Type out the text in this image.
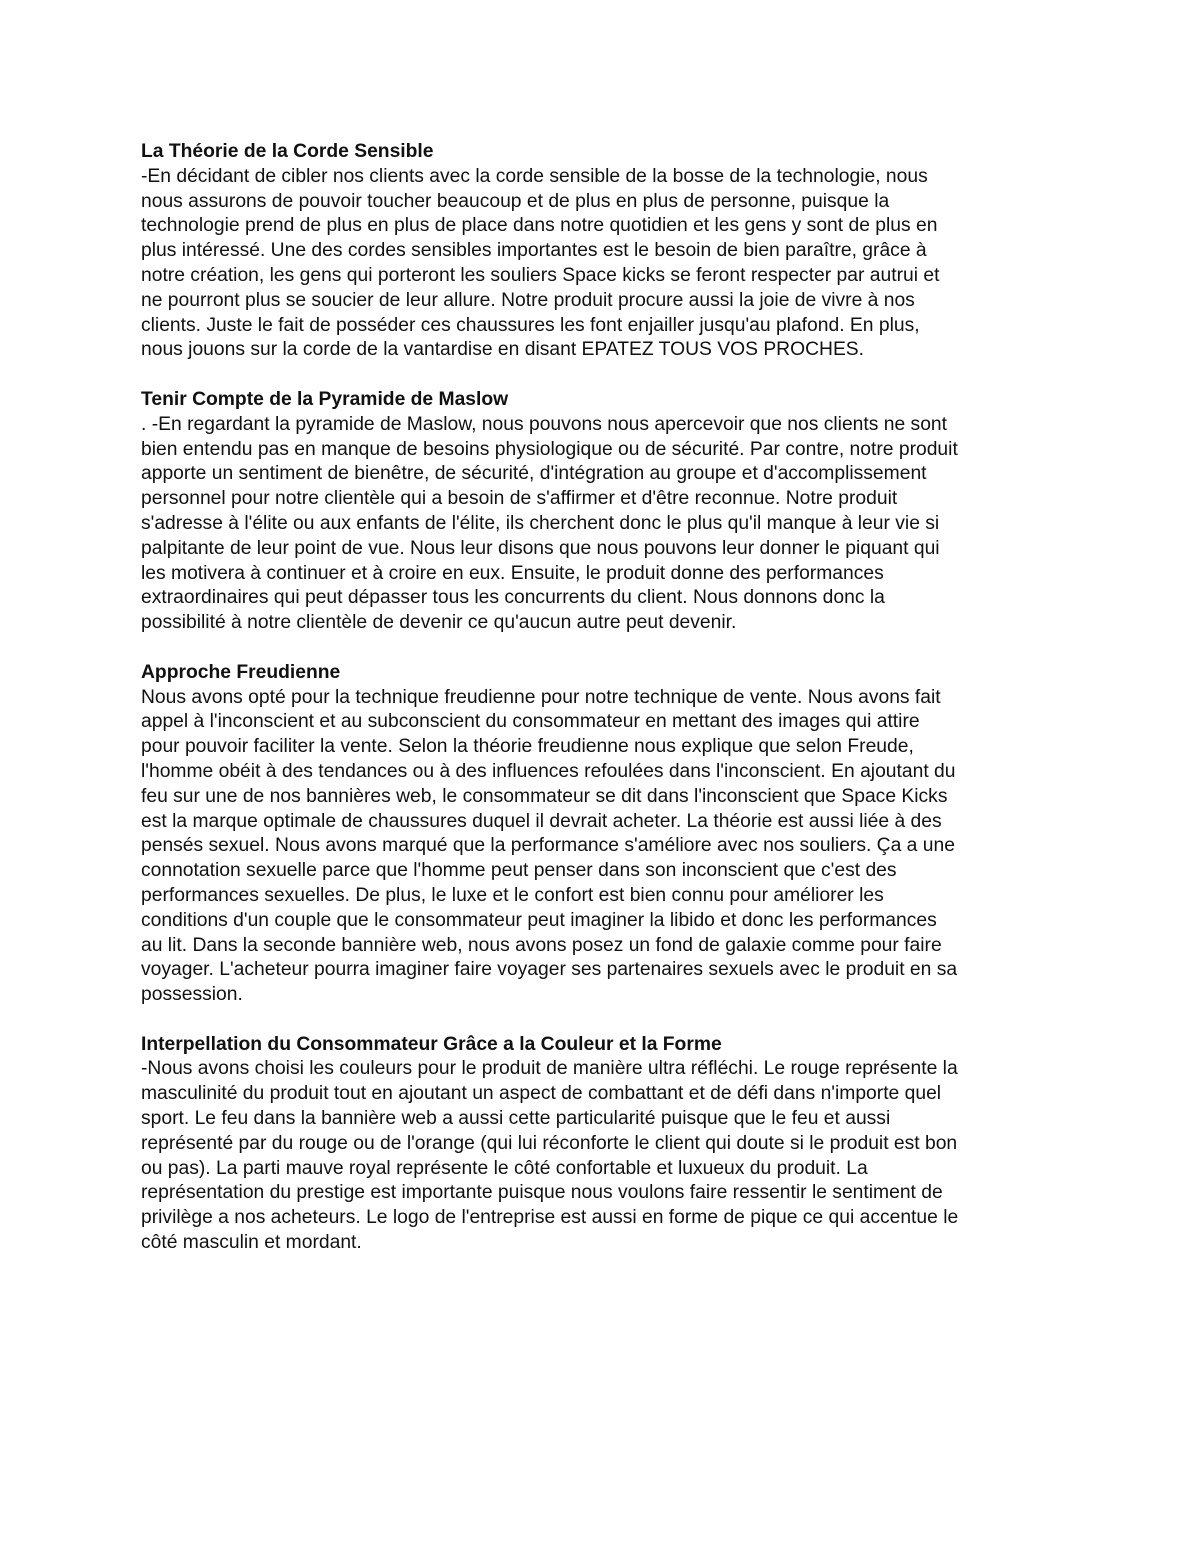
La Théorie de la Corde Sensible
-En décidant de cibler nos clients avec la corde sensible de la bosse de la technologie, nous
nous assurons de pouvoir toucher beaucoup et de plus en plus de personne, puisque la
technologie prend de plus en plus de place dans notre quotidien et les gens y sont de plus en
plus intéressé. Une des cordes sensibles importantes est le besoin de bien paraître, grâce à
notre création, les gens qui porteront les souliers Space kicks se feront respecter par autrui et
ne pourront plus se soucier de leur allure. Notre produit procure aussi la joie de vivre à nos
clients. Juste le fait de posséder ces chaussures les font enjailler jusqu'au plafond. En plus,
nous jouons sur la corde de la vantardise en disant EPATEZ TOUS VOS PROCHES.
Tenir Compte de la Pyramide de Maslow
. -En regardant la pyramide de Maslow, nous pouvons nous apercevoir que nos clients ne sont
bien entendu pas en manque de besoins physiologique ou de sécurité. Par contre, notre produit
apporte un sentiment de bienêtre, de sécurité, d'intégration au groupe et d'accomplissement
personnel pour notre clientèle qui a besoin de s'affirmer et d'être reconnue. Notre produit
s'adresse à l'élite ou aux enfants de l'élite, ils cherchent donc le plus qu'il manque à leur vie si
palpitante de leur point de vue. Nous leur disons que nous pouvons leur donner le piquant qui
les motivera à continuer et à croire en eux. Ensuite, le produit donne des performances
extraordinaires qui peut dépasser tous les concurrents du client. Nous donnons donc la
possibilité à notre clientèle de devenir ce qu'aucun autre peut devenir.
Approche Freudienne
Nous avons opté pour la technique freudienne pour notre technique de vente. Nous avons fait
appel à l'inconscient et au subconscient du consommateur en mettant des images qui attire
pour pouvoir faciliter la vente. Selon la théorie freudienne nous explique que selon Freude,
l'homme obéit à des tendances ou à des influences refoulées dans l'inconscient. En ajoutant du
feu sur une de nos bannières web, le consommateur se dit dans l'inconscient que Space Kicks
est la marque optimale de chaussures duquel il devrait acheter. La théorie est aussi liée à des
pensés sexuel. Nous avons marqué que la performance s'améliore avec nos souliers. Ça a une
connotation sexuelle parce que l'homme peut penser dans son inconscient que c'est des
performances sexuelles. De plus, le luxe et le confort est bien connu pour améliorer les
conditions d'un couple que le consommateur peut imaginer la libido et donc les performances
au lit. Dans la seconde bannière web, nous avons posez un fond de galaxie comme pour faire
voyager. L'acheteur pourra imaginer faire voyager ses partenaires sexuels avec le produit en sa
possession.
Interpellation du Consommateur Grâce a la Couleur et la Forme
-Nous avons choisi les couleurs pour le produit de manière ultra réfléchi. Le rouge représente la
masculinité du produit tout en ajoutant un aspect de combattant et de défi dans n'importe quel
sport. Le feu dans la bannière web a aussi cette particularité puisque que le feu et aussi
représenté par du rouge ou de l'orange (qui lui réconforte le client qui doute si le produit est bon
ou pas). La parti mauve royal représente le côté confortable et luxueux du produit. La
représentation du prestige est importante puisque nous voulons faire ressentir le sentiment de
privilège a nos acheteurs. Le logo de l'entreprise est aussi en forme de pique ce qui accentue le
côté masculin et mordant.
